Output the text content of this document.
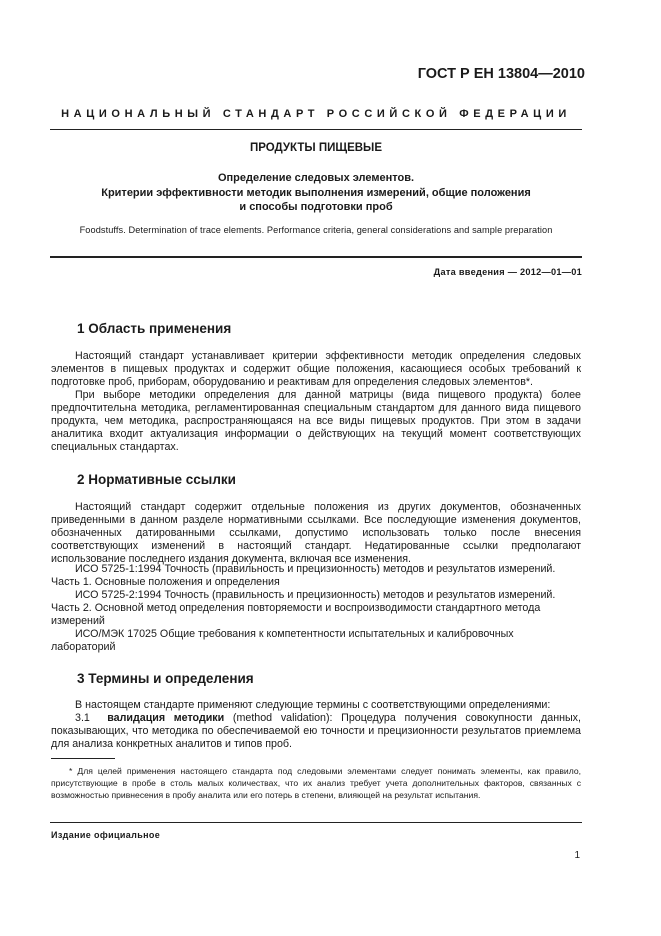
ГОСТ Р ЕН 13804—2010
НАЦИОНАЛЬНЫЙ СТАНДАРТ РОССИЙСКОЙ ФЕДЕРАЦИИ
ПРОДУКТЫ ПИЩЕВЫЕ
Определение следовых элементов.
Критерии эффективности методик выполнения измерений, общие положения
и способы подготовки проб
Foodstuffs. Determination of trace elements. Performance criteria, general considerations and sample preparation
Дата введения — 2012—01—01
1 Область применения
Настоящий стандарт устанавливает критерии эффективности методик определения следовых элементов в пищевых продуктах и содержит общие положения, касающиеся особых требований к подготовке проб, приборам, оборудованию и реактивам для определения следовых элементов*.
При выборе методики определения для данной матрицы (вида пищевого продукта) более предпочтительна методика, регламентированная специальным стандартом для данного вида пищевого продукта, чем методика, распространяющаяся на все виды пищевых продуктов. При этом в задачи аналитика входит актуализация информации о действующих на текущий момент соответствующих специальных стандартах.
2 Нормативные ссылки
Настоящий стандарт содержит отдельные положения из других документов, обозначенных приведенными в данном разделе нормативными ссылками. Все последующие изменения документов, обозначенных датированными ссылками, допустимо использовать только после внесения соответствующих изменений в настоящий стандарт. Недатированные ссылки предполагают использование последнего издания документа, включая все изменения.
ИСО 5725-1:1994 Точность (правильность и прецизионность) методов и результатов измерений. Часть 1. Основные положения и определения
ИСО 5725-2:1994 Точность (правильность и прецизионность) методов и результатов измерений. Часть 2. Основной метод определения повторяемости и воспроизводимости стандартного метода измерений
ИСО/МЭК 17025 Общие требования к компетентности испытательных и калибровочных лабораторий
3 Термины и определения
В настоящем стандарте применяют следующие термины с соответствующими определениями:
3.1 валидация методики (method validation): Процедура получения совокупности данных, показывающих, что методика по обеспечиваемой ею точности и прецизионности результатов приемлема для анализа конкретных аналитов и типов проб.
* Для целей применения настоящего стандарта под следовыми элементами следует понимать элементы, как правило, присутствующие в пробе в столь малых количествах, что их анализ требует учета дополнительных факторов, связанных с возможностью привнесения в пробу аналита или его потерь в степени, влияющей на результат испытания.
Издание официальное
1
